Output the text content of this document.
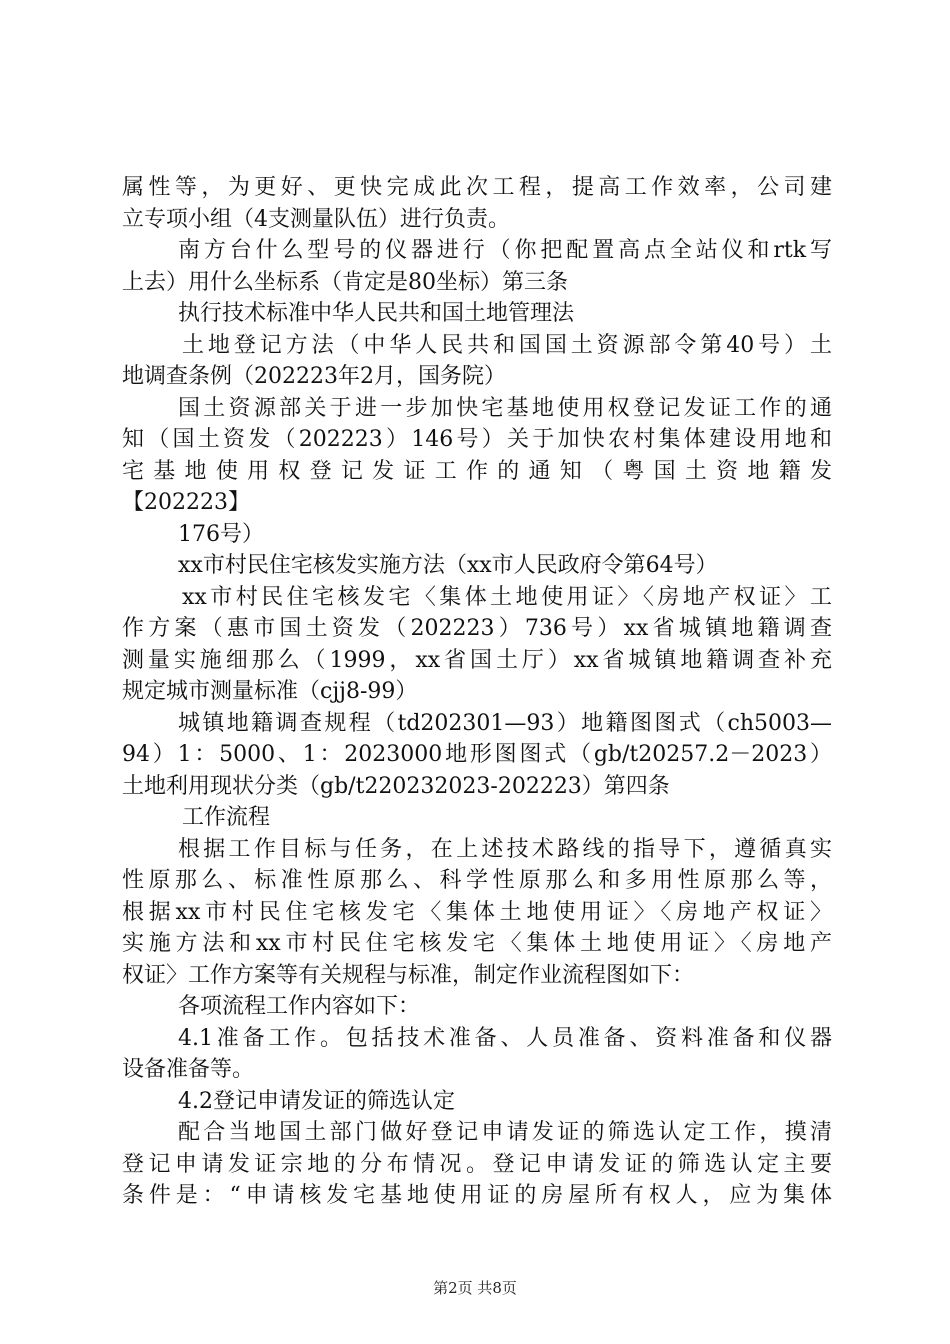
属性等，为更好、更快完成此次工程，提高工作效率，公司建
立专项小组（4支测量队伍）进行负责。
南方台什么型号的仪器进行（你把配置高点全站仪和rtk写
上去）用什么坐标系（肯定是80坐标）第三条
执行技术标准中华人民共和国土地管理法
土地登记方法（中华人民共和国国土资源部令第40号）土
地调查条例（202223年2月，国务院）
国土资源部关于进一步加快宅基地使用权登记发证工作的通
知（国土资发（202223）146号）关于加快农村集体建设用地和
宅基地使用权登记发证工作的通知（粤国土资地籍发
【202223】
176号）
xx市村民住宅核发实施方法（xx市人民政府令第64号）
xx市村民住宅核发宅〈集体土地使用证〉〈房地产权证〉工
作方案（惠市国土资发（202223）736号）xx省城镇地籍调查
测量实施细那么（1999，xx省国土厅）xx省城镇地籍调查补充
规定城市测量标准（cjj8-99）
城镇地籍调查规程（td202301—93）地籍图图式（ch5003—
94）1：5000、1：2023000地形图图式（gb/t20257.2－2023）
土地利用现状分类（gb/t220232023-202223）第四条
工作流程
根据工作目标与任务，在上述技术路线的指导下，遵循真实
性原那么、标准性原那么、科学性原那么和多用性原那么等，
根据xx市村民住宅核发宅〈集体土地使用证〉〈房地产权证〉
实施方法和xx市村民住宅核发宅〈集体土地使用证〉〈房地产
权证〉工作方案等有关规程与标准，制定作业流程图如下：
各项流程工作内容如下：
4.1准备工作。包括技术准备、人员准备、资料准备和仪器
设备准备等。
4.2登记申请发证的筛选认定
配合当地国土部门做好登记申请发证的筛选认定工作，摸清
登记申请发证宗地的分布情况。登记申请发证的筛选认定主要
条件是：“申请核发宅基地使用证的房屋所有权人，应为集体
第2页 共8页
